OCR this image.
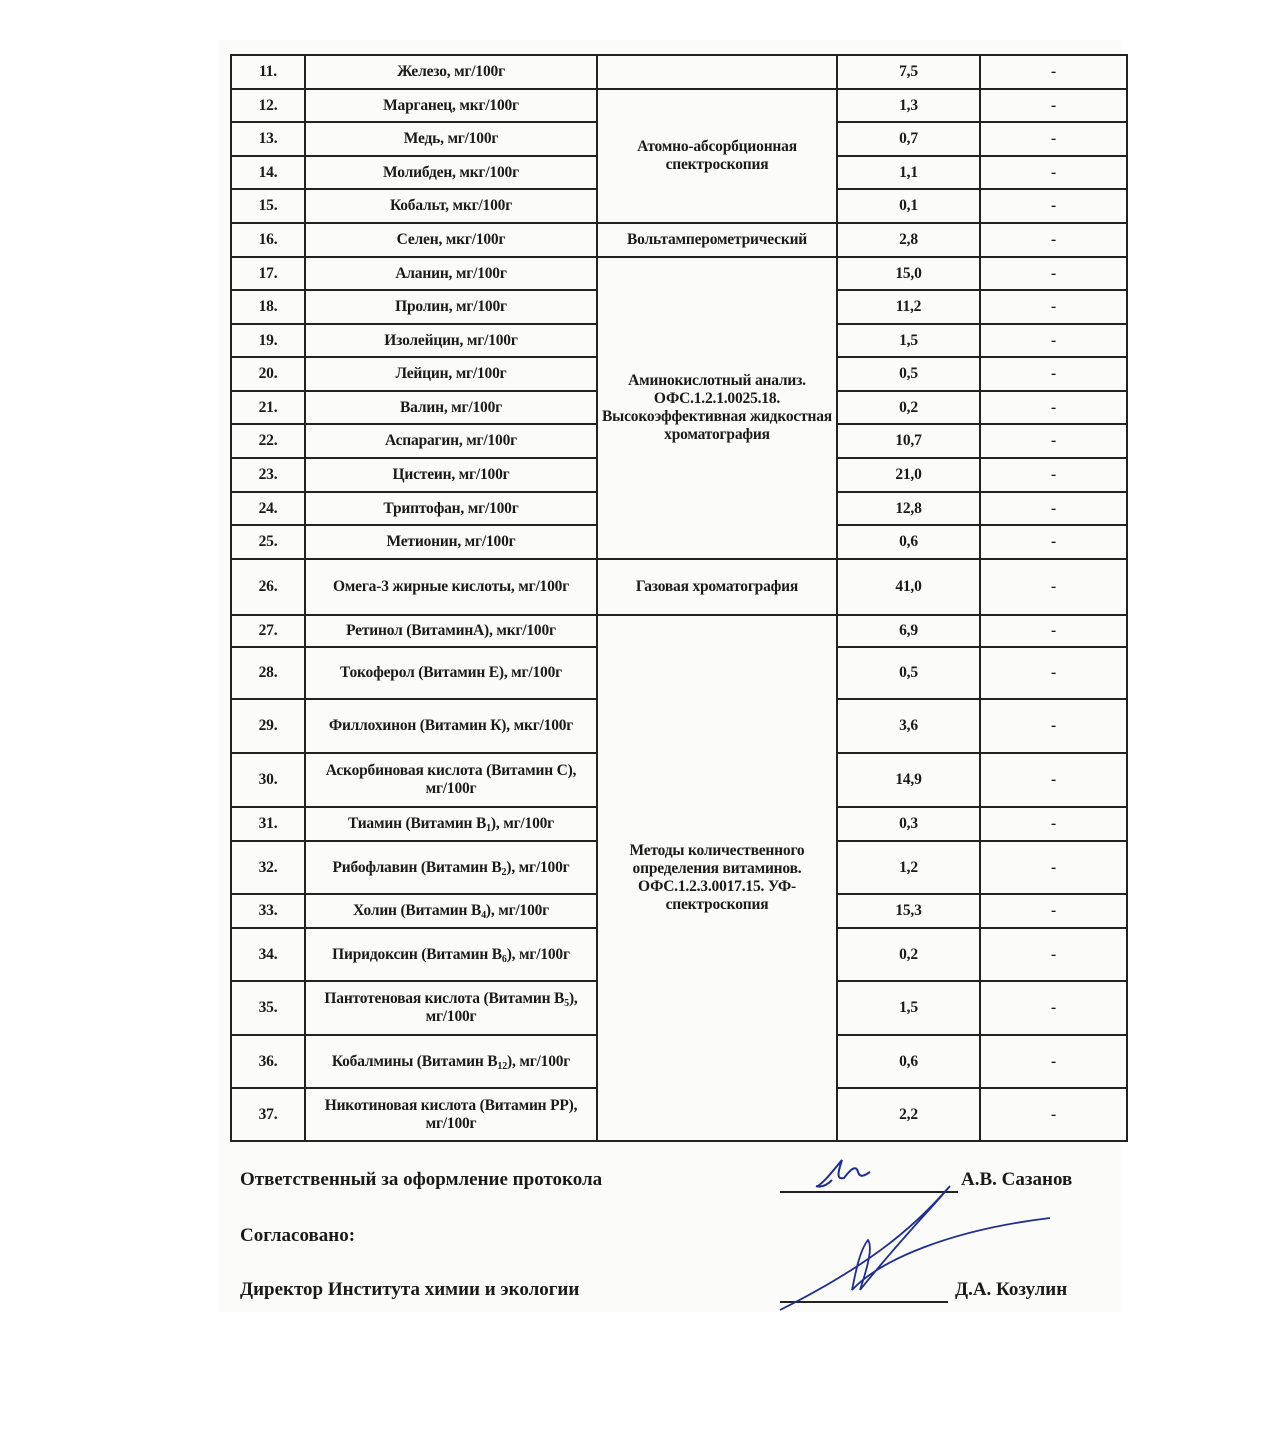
11.	Железо, мг/100г		7,5	-
12.	Марганец, мкг/100г	Атомно-абсорбционная спектроскопия	1,3	-
13.	Медь, мг/100г		0,7	-
14.	Молибден, мкг/100г		1,1	-
15.	Кобальт, мкг/100г		0,1	-
16.	Селен, мкг/100г	Вольтамперометрический	2,8	-
17.	Аланин, мг/100г	Аминокислотный анализ. ОФС.1.2.1.0025.18. Высокоэффективная жидкостная хроматография	15,0	-
18.	Пролин, мг/100г		11,2	-
19.	Изолейцин, мг/100г		1,5	-
20.	Лейцин, мг/100г		0,5	-
21.	Валин, мг/100г		0,2	-
22.	Аспарагин, мг/100г		10,7	-
23.	Цистеин, мг/100г		21,0	-
24.	Триптофан, мг/100г		12,8	-
25.	Метионин, мг/100г		0,6	-
26.	Омега-3 жирные кислоты, мг/100г	Газовая хроматография	41,0	-
27.	Ретинол (ВитаминА), мкг/100г	Методы количественного определения витаминов. ОФС.1.2.3.0017.15. УФ-спектроскопия	6,9	-
28.	Токоферол (Витамин Е), мг/100г		0,5	-
29.	Филлохинон (Витамин К), мкг/100г		3,6	-
30.	Аскорбиновая кислота (Витамин С), мг/100г		14,9	-
31.	Тиамин (Витамин $В_1$), мг/100г		0,3	-
32.	Рибофлавин (Витамин $В_2$), мг/100г		1,2	-
33.	Холин (Витамин $В_4$), мг/100г		15,3	-
34.	Пиридоксин (Витамин $В_6$), мг/100г		0,2	-
35.	Пантотеновая кислота (Витамин $В_5$), мг/100г		1,5	-
36.	Кобалмины (Витамин $В_{12}$), мг/100г		0,6	-
37.	Никотиновая кислота (Витамин РР), мг/100г		2,2	-
Ответственный за оформление протокола	А.В. Сазанов
Согласовано:
Директор Института химии и экологии	Д.А. Козулин
